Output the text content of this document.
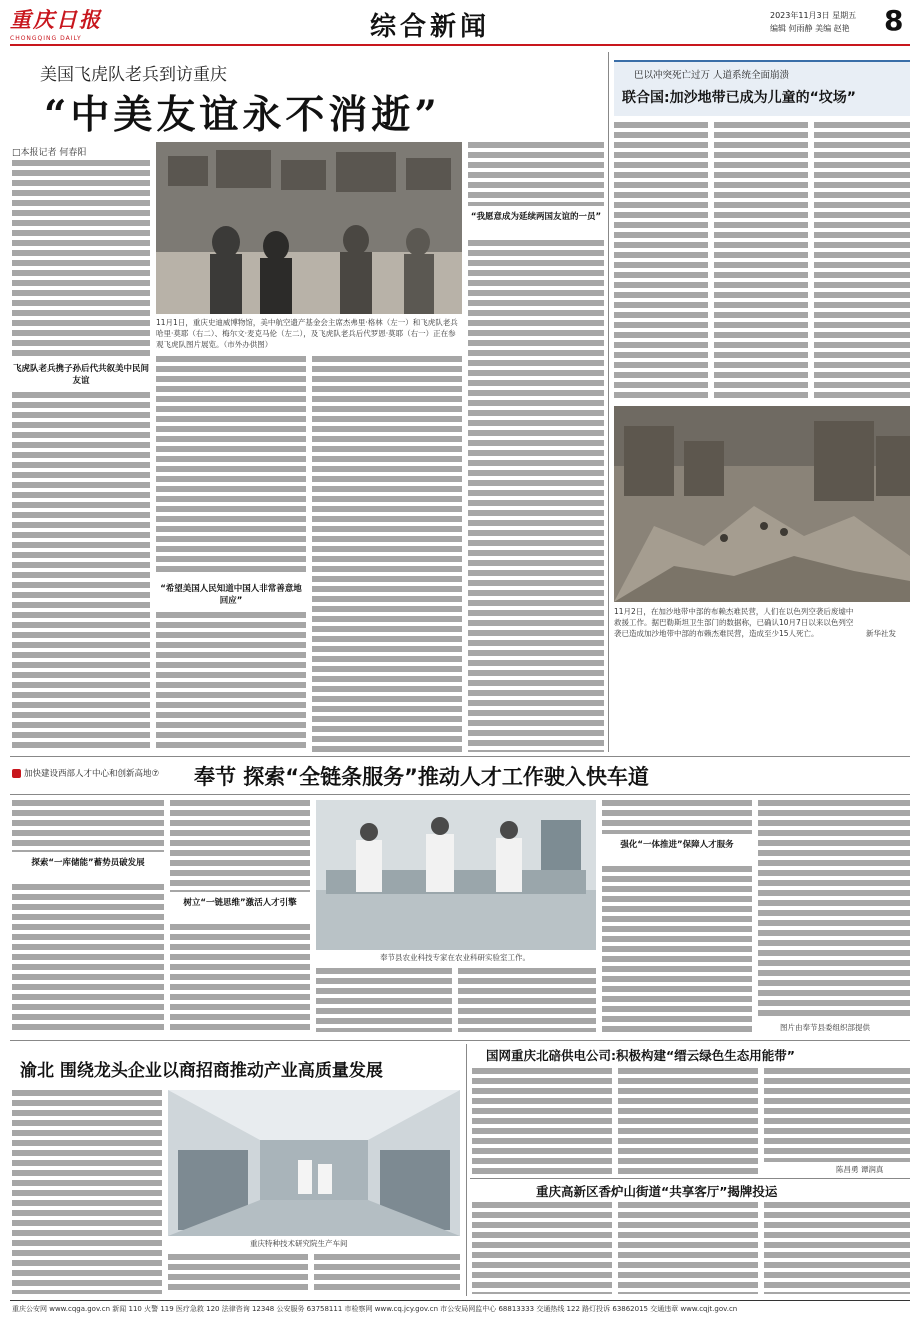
重庆日报
CHONGQING DAILY	综合新闻	2023年11月3日 星期五
编辑 何雨静 美编 赵艳 8
美国飞虎队老兵到访重庆
“中美友谊永不消逝”
□本报记者 何春阳
飞虎队老兵携子孙后代共叙美中民间友谊
11月1日，重庆史迪威博物馆，美中航空遗产基金会主席杰弗里·格林（左一）和飞虎队老兵哈里·莫耶（右二）、梅尔文·麦克马伦（左二），及飞虎队老兵后代罗恩·莫耶（右一）正在参观飞虎队图片展览。（市外办供图）
“希望美国人民知道中国人非常善意地回应”
“我愿意成为延续两国友谊的一员”
巴以冲突死亡过万 人道系统全面崩溃
联合国:加沙地带已成为儿童的“坟场”
11月2日，在加沙地带中部的布赖杰难民营，人们在以色列空袭后废墟中救援工作。据巴勒斯坦卫生部门的数据称，已确认10月7日以来以色列空袭已造成加沙地带中部的布赖杰难民营，造成至少15人死亡。	新华社发
加快建设西部人才中心和创新高地⑦ 奉节 探索“全链条服务”推动人才工作驶入快车道
探索“一库储能”蓄势员破发展
树立“一链思维”激活人才引擎
奉节县农业科技专家在农业科研实验室工作。
强化“一体推进”保障人才服务
图片由奉节县委组织部提供
渝北 围绕龙头企业以商招商推动产业高质量发展
重庆特种技术研究院生产车间
国网重庆北碚供电公司:积极构建“缙云绿色生态用能带”
陈昌勇 谭润真
重庆高新区香炉山街道“共享客厅”揭牌投运
重庆公安网 www.cqga.gov.cn 新闻 110 火警 119 医疗急救 120 法律咨询 12348 公安服务 63758111 市检察网 www.cq.jcy.gov.cn 市公安局网监中心 68813333 交通热线 122 路灯投诉 63862015 交通违章 www.cqjt.gov.cn
